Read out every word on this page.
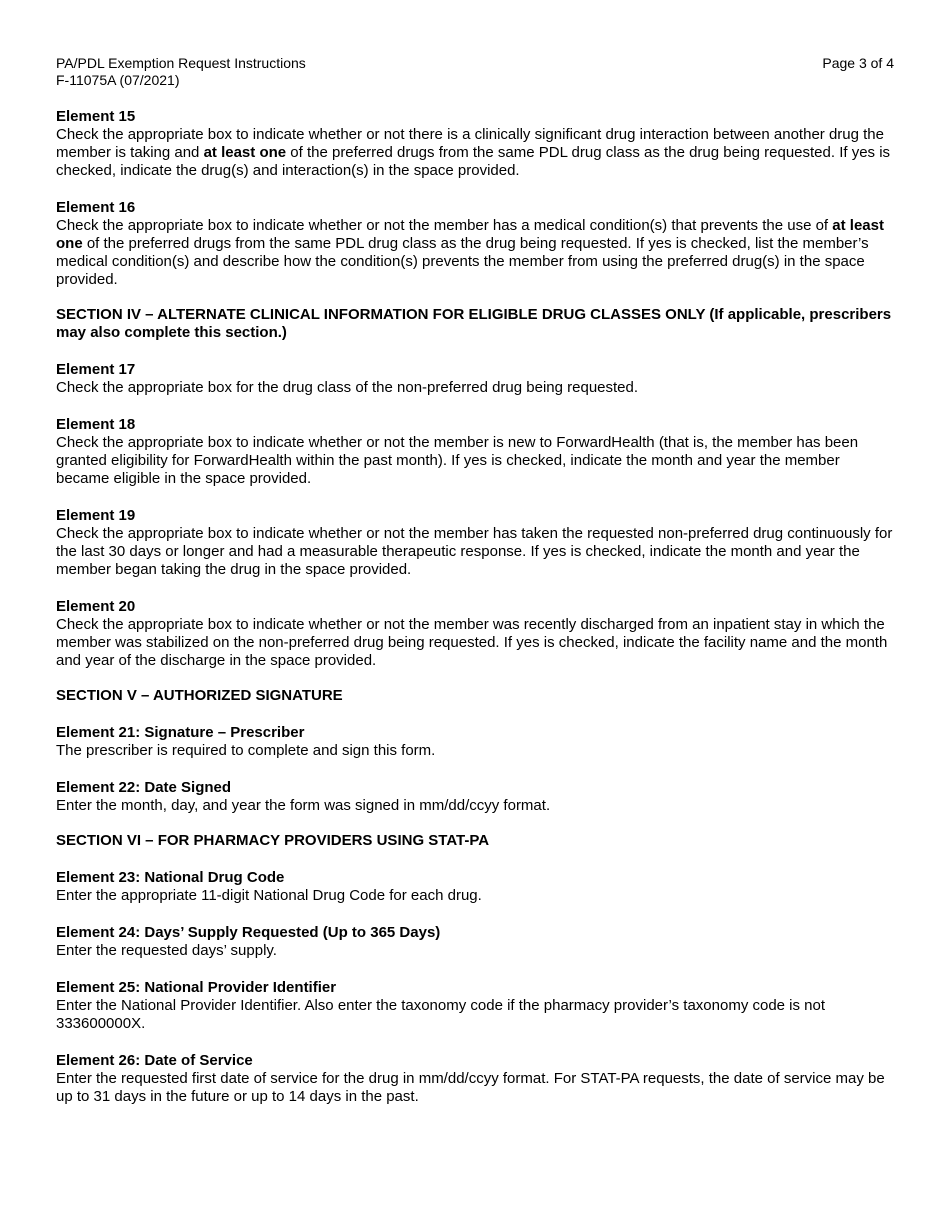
PA/PDL Exemption Request Instructions
F-11075A (07/2021)
Page 3 of 4
Element 15

Check the appropriate box to indicate whether or not there is a clinically significant drug interaction between another drug the member is taking and at least one of the preferred drugs from the same PDL drug class as the drug being requested. If yes is checked, indicate the drug(s) and interaction(s) in the space provided.

Element 16

Check the appropriate box to indicate whether or not the member has a medical condition(s) that prevents the use of at least one of the preferred drugs from the same PDL drug class as the drug being requested. If yes is checked, list the member’s medical condition(s) and describe how the condition(s) prevents the member from using the preferred drug(s) in the space provided.

SECTION IV – ALTERNATE CLINICAL INFORMATION FOR ELIGIBLE DRUG CLASSES ONLY (If applicable, prescribers may also complete this section.)
Element 17

Check the appropriate box for the drug class of the non-preferred drug being requested.

Element 18

Check the appropriate box to indicate whether or not the member is new to ForwardHealth (that is, the member has been granted eligibility for ForwardHealth within the past month). If yes is checked, indicate the month and year the member became eligible in the space provided.

Element 19

Check the appropriate box to indicate whether or not the member has taken the requested non-preferred drug continuously for the last 30 days or longer and had a measurable therapeutic response. If yes is checked, indicate the month and year the member began taking the drug in the space provided.

Element 20

Check the appropriate box to indicate whether or not the member was recently discharged from an inpatient stay in which the member was stabilized on the non-preferred drug being requested. If yes is checked, indicate the facility name and the month and year of the discharge in the space provided.

SECTION V – AUTHORIZED SIGNATURE
Element 21: Signature – Prescriber

The prescriber is required to complete and sign this form.

Element 22: Date Signed

Enter the month, day, and year the form was signed in mm/dd/ccyy format.

SECTION VI – FOR PHARMACY PROVIDERS USING STAT-PA
Element 23: National Drug Code

Enter the appropriate 11-digit National Drug Code for each drug.

Element 24: Days’ Supply Requested (Up to 365 Days)

Enter the requested days’ supply.

Element 25: National Provider Identifier

Enter the National Provider Identifier. Also enter the taxonomy code if the pharmacy provider’s taxonomy code is not 333600000X.

Element 26: Date of Service

Enter the requested first date of service for the drug in mm/dd/ccyy format. For STAT-PA requests, the date of service may be up to 31 days in the future or up to 14 days in the past.
